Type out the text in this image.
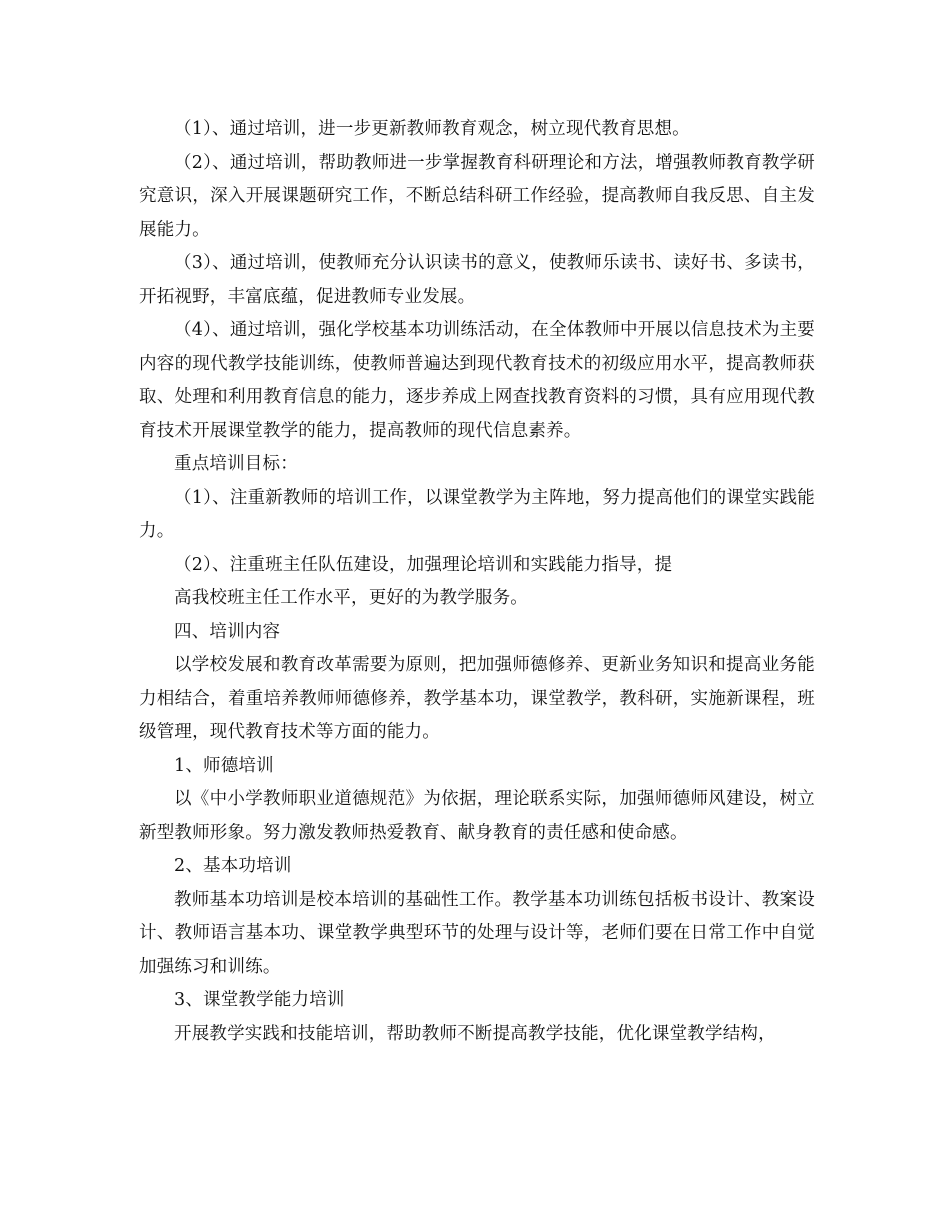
（1）、通过培训，进一步更新教师教育观念，树立现代教育思想。

（2）、通过培训，帮助教师进一步掌握教育科研理论和方法，增强教师教育教学研究意识，深入开展课题研究工作，不断总结科研工作经验，提高教师自我反思、自主发展能力。

（3）、通过培训，使教师充分认识读书的意义，使教师乐读书、读好书、多读书，开拓视野，丰富底蕴，促进教师专业发展。

（4）、通过培训，强化学校基本功训练活动，在全体教师中开展以信息技术为主要内容的现代教学技能训练，使教师普遍达到现代教育技术的初级应用水平，提高教师获取、处理和利用教育信息的能力，逐步养成上网查找教育资料的习惯，具有应用现代教育技术开展课堂教学的能力，提高教师的现代信息素养。

重点培训目标：

（1）、注重新教师的培训工作，以课堂教学为主阵地，努力提高他们的课堂实践能力。

（2）、注重班主任队伍建设，加强理论培训和实践能力指导，提

高我校班主任工作水平，更好的为教学服务。

四、培训内容

以学校发展和教育改革需要为原则，把加强师德修养、更新业务知识和提高业务能力相结合，着重培养教师师德修养，教学基本功，课堂教学，教科研，实施新课程，班级管理，现代教育技术等方面的能力。

1、师德培训

以《中小学教师职业道德规范》为依据，理论联系实际，加强师德师风建设，树立新型教师形象。努力激发教师热爱教育、献身教育的责任感和使命感。

2、基本功培训

教师基本功培训是校本培训的基础性工作。教学基本功训练包括板书设计、教案设计、教师语言基本功、课堂教学典型环节的处理与设计等，老师们要在日常工作中自觉加强练习和训练。

3、课堂教学能力培训

开展教学实践和技能培训，帮助教师不断提高教学技能，优化课堂教学结构，
